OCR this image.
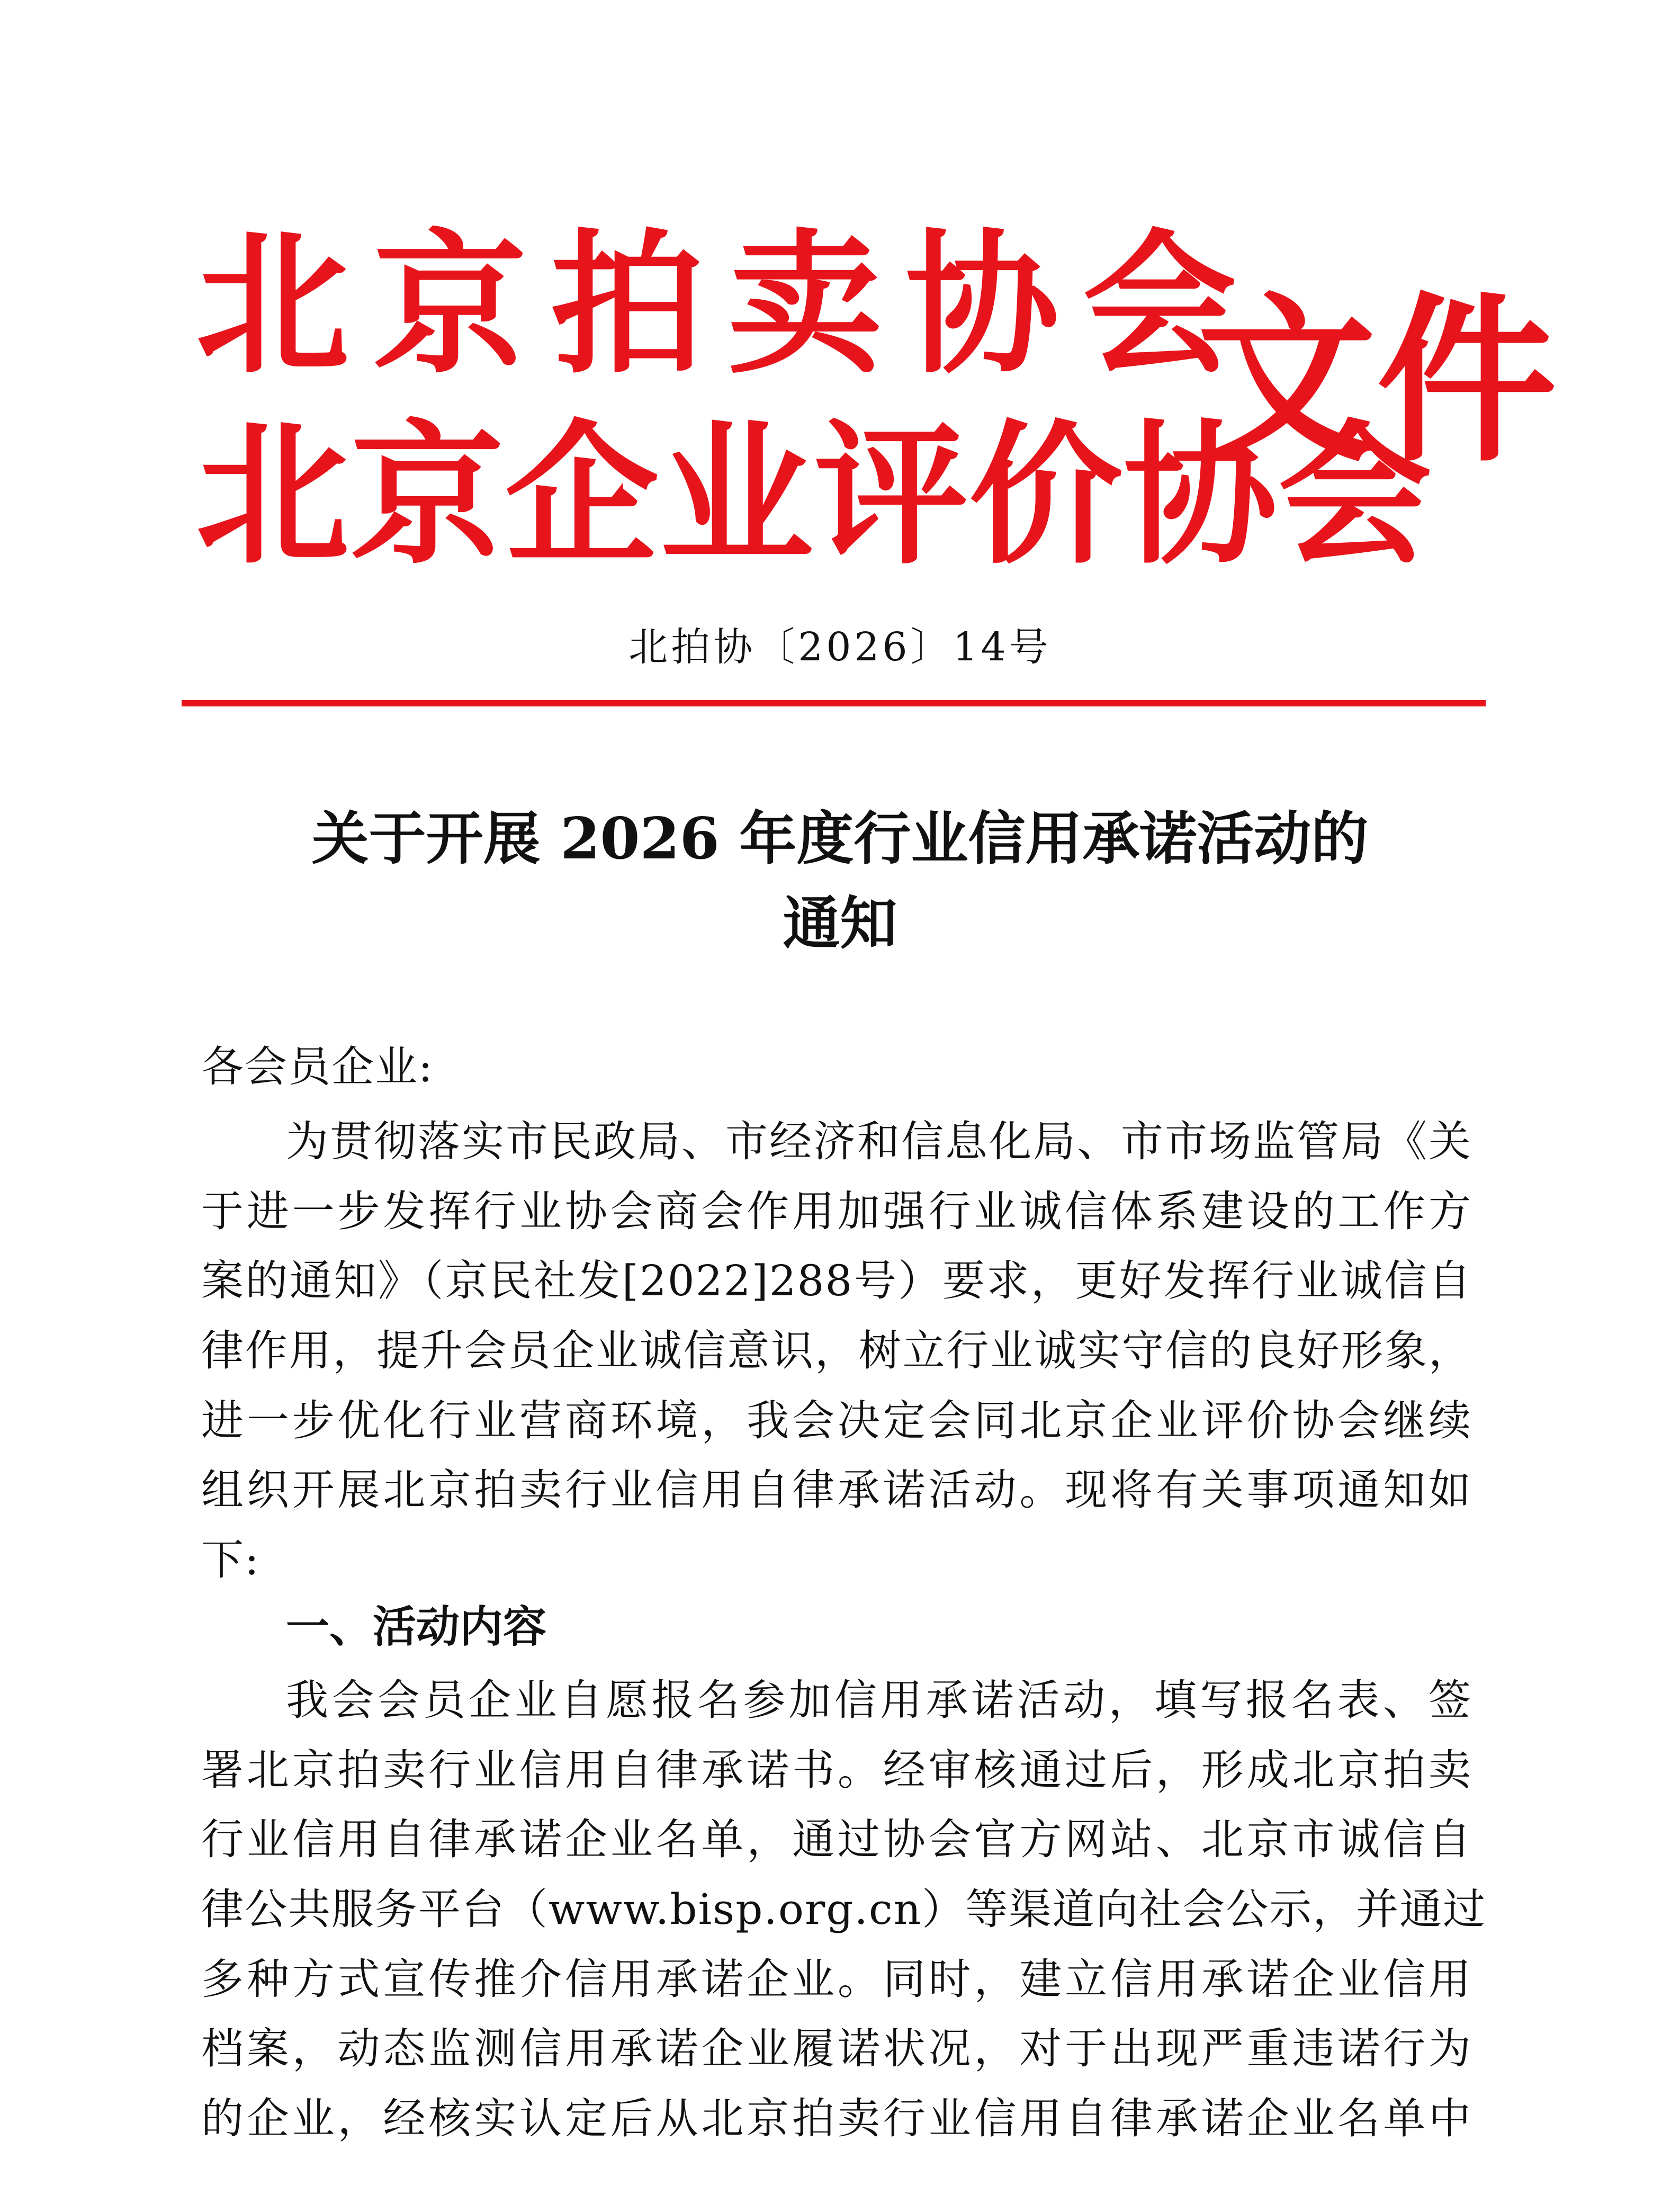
北京拍卖协会
北京企业评价协会
文件
北拍协〔2026〕14号
关于开展 2026 年度行业信用承诺活动的
通知
各会员企业:
为贯彻落实市民政局、市经济和信息化局、市市场监管局《关
于进一步发挥行业协会商会作用加强行业诚信体系建设的工作方
案的通知》（京民社发[2022]288号）要求，更好发挥行业诚信自
律作用，提升会员企业诚信意识，树立行业诚实守信的良好形象，
进一步优化行业营商环境，我会决定会同北京企业评价协会继续
组织开展北京拍卖行业信用自律承诺活动。现将有关事项通知如
下:
一、活动内容
我会会员企业自愿报名参加信用承诺活动，填写报名表、签
署北京拍卖行业信用自律承诺书。经审核通过后，形成北京拍卖
行业信用自律承诺企业名单，通过协会官方网站、北京市诚信自
律公共服务平台（www.bisp.org.cn）等渠道向社会公示，并通过
多种方式宣传推介信用承诺企业。同时，建立信用承诺企业信用
档案，动态监测信用承诺企业履诺状况，对于出现严重违诺行为
的企业，经核实认定后从北京拍卖行业信用自律承诺企业名单中
